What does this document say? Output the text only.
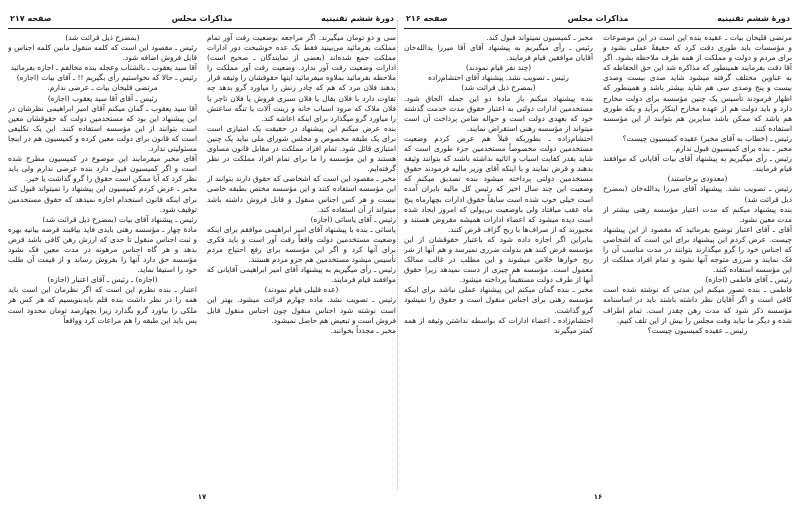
دورهٔ ششم تقنینیه
مذاکرات مجلس
صفحه ۲۱۷

سی و دو تومان میگیرند. اگر مراجعه بوضعیت رفت آور تمام مملکت بفرمائید می‌بینید فقط یک عده خوشبخت دور ادارات مملکت جمع شده‌اند (بعضی از نمایندگان ـ صحیح است) ادارات وضعیت رقت آور ندارد. وضعیت رقت آور مملکت را ملاحظه بفرمائید بملاوه میفرمائید اینها حقوقشان را وثیقه قرار بدهند فلان مرد که هم که چادر زنش را میاورد گرو بدهد چه تفاوت دارد با فلان بقال یا فلان سبزی فروش یا فلان تاجر یا فلان ملاک که مرود اسباب خانه و زینت آلات یا تنگه ساعتش را میاورد گرو میگذارد برای اینکه اعاشه کند.

بنده عرض میکنم این پیشنهاد در حقیقت یک امتیازی است برای یک طبقه مخصوص و مجلس شورای ملی نباید یک چنین امتیازی قائل شود. تمام افراد مملکت در مقابل قانون مساوی هستند و این مؤسسه را ما برای تمام افراد مملکت در نظر گرفته‌ایم.

مخبر ـ مقصود این است که اشخاصی که حقوق دارند بتوانند از این مؤسسه استفاده کنند و این مؤسسه مختص بطبقه خاصی نیست و هر کس اجناس منقول و قابل فروش داشته باشد میتواند از آن استفاده کند.

رئیس ـ آقای یاسائی (اجازه)

یاسائی ـ بنده با پیشنهاد آقای امیر ابراهیمی موافقم برای اینکه وضعیت مستخدمین دولت واقعاً رقت آور است و باید فکری برای آنها کرد و اگر این مؤسسه برای رفع احتیاج مردم تأسیس میشود مستخدمین هم جزو مردم هستند.

رئیس ـ رأی میگیریم به پیشنهاد آقای امیر ابراهیمی آقایانی که موافقند قیام فرمایند.

(عده قلیلی قیام نمودند)

رئیس ـ تصویب نشد. ماده چهارم قرائت میشود. بهتر این است نوشته شود اجناس منقول چون اجناس منقول قابل فروش است و تبعیض هم حاصل نمیشود.

مخبر ـ مجدداً بخوانند.

(بمضرح ذیل قرائت شد)

رئیس ـ مقصود این است که کلمه منقول مابین کلمه اجناس و قابل فروش اضافه شود.

آقا سید یعقوب ـ بالشتاب وعجله بنده مخالفم ـ اجازه بفرمائید

رئیس ـ حالا که نخواستیم رأی بگیریم !! ـ آقای بیات (اجازه)

مرتضی قلیخان بیات ـ عرضی ندارم.

رئیس ـ آقای آقا سید یعقوب (اجازه)

آقا سید یعقوب ـ گمان میکنم آقای امیر ابراهیمی نظرشان در این پیشنهاد این بود که مستخدمین دولت که حقوقشان معین است بتوانند از این مؤسسه استفاده کنند. این یک تکلیفی است که قانون برای دولت معین کرده و کمیسیون هم در اینجا مسئولیتی ندارد.

آقای مخبر میفرمایند این موضوع در کمیسیون مطرح شده است و اگر کمیسیون قبول دارد بنده عرضی ندارم ولی باید نظر کرد که آیا ممکن است حقوق را گرو گذاشت یا خیر.

مخبر ـ عرض کردم کمیسیون این پیشنهاد را نمیتواند قبول کند برای اینکه قانون استخدام اجازه نمیدهد که حقوق مستخدمین توقیف شود.

رئیس ـ پیشنهاد آقای بیات (بمضرح ذیل قرائت شد)

مادهٔ چهار ـ مؤسسه رهنی بایدی فاید بیاقبند قرضه بیانیه بهره و ثبت اجناس منقول تا حدی که ارزش رهن کافی باشد قرض بدهد و هر گاه اجناس مرهونه در مدت معین فک نشود مؤسسه حق دارد آنها را بفروش رساند و از قیمت آن طلب خود را استیفا نماید.

(اجازه) ـ رئیس ـ آقای اعتبار (اجازه)

اعتبار ـ بنده نظرم این است که اگر نظرمان این است باید همه را در نظر داشت بنده قلم بایدبنویسیم که هر کس هر ملکی را بیاورد گرو بگذارد زیرا بچهارصد تومان محدود است پس باید این طبقه را هم مراعات کرد وواقعاً

۱۷
دورهٔ ششم تقنینیه
مذاکرات مجلس
صفحه ۲۱۶

مرتضی قلیخان بیات ـ عقیده بنده این است در این موضوعات و مؤسسات باید طوری دقت کرد که حقیقةً عملی بشود و برای مردم و دولت و مملکت از همه طرف ملاحظه بشود. اگر آقا دقت بفرمایند همینطور که مذاکره شد این حق الحفاظه که به عناوین مختلف گرفته میشود شاید صدی بیست وصدی بیست و پنج وصدی سی هم شاید بیشتر باشد و همینطور که اظهار فرمودند تأسیس یک چنین مؤسسه برای دولت مخارج دارد و باید دولت هم از عهده مخارج اینکار برآید و یکه طوری هم باشد که ممکن باشد سایرین هم بتوانند از این مؤسسه استفاده کنند.

رئیس ـ (خطاب به آقای مخبر) عقیده کمیسیون چیست؟

مخبر ـ بنده برای کمیسیون قبول ندارم.

رئیس ـ رأی میگیریم به پیشنهاد آقای بیات آقایانی که موافقند قیام فرمایند.

(معدودی برخاستند)

رئیس ـ تصویب نشد. پیشنهاد آقای میرزا یدالله‌خان (بمضرح ذیل قرائت شد)

بنده پیشنهاد میکنم که مدت اعتبار مؤسسه رهنی بیشتر از مدت معین نشود.

آقای ـ آقای اعتبار توضیح بفرمائید که مقصود از این پیشنهاد چیست. عرض کردم این پیشنهاد برای این است که اشخاصی که اجناس خود را گرو میگذارند بتوانند در مدت مناسب آن را فک نمایند و ضرری متوجه آنها نشود و تمام افراد مملکت از این مؤسسه استفاده کنند.

رئیس ـ آقای فاطمی (اجازه)

فاطمی ـ بنده تصور میکنم این مدتی که نوشته شده است کافی است و اگر آقایان نظر داشته باشند باید در اساسنامه مؤسسه ذکر شود که مدت رهن چقدر است. تمام اطراف شده و دیگر ما نباید وقت مجلس را بیش از این تلف کنیم.

رئیس ـ عقیده کمیسیون چیست؟

مخبر ـ کمیسیون نمیتواند قبول کند.

رئیس ـ رأی میگیریم به پیشنهاد آقای آقا میرزا یدالله‌خان آقایان موافقین قیام فرمایند.

(چند نفر قیام نمودند)

رئیس ـ تصویب نشد. پیشنهاد آقای احتشام‌زاده

(بمضرح ذیل قرائت شد)

بنده پیشنهاد میکنم باز مادهٔ دو این جمله الحاق شود. مستخدمین ادارات دولتی به اعتبار حقوق مدت خدمت گذشته خود که بعهدی دولت است و حواله ضامن پرداخت آن است میتواند از مؤسسه رهنی استقراض نمایند.

احتشام‌زاده ـ بطوریکه قبلاً هم عرض کردم وضعیت مستخدمین دولت مخصوصاً مستخدمین جزء طوری است که شاید بقدر کفایت اسباب و اثاثیه نداشته باشند که بتوانند وثیقه بدهند و قرض نمایند و با اینکه آقای وزیر مالیه فرمودند حقوق مستخدمین دولتی پرداخته میشود بنده تصدیق میکنم که وضعیت این چند سال اخیر که رئیس کل مالیه بایران آمده است خیلی خوب شده است سابقاً حقوق ادارات بچهارماه پنج ماه عقب میافتاد ولی باوضعیت بی‌پولی که امروز ایجاد شده است دیده میشود که اعضاء ادارات همیشه مقروض هستند و مجبورند که از صراف‌ها با ربح گزاف قرض کنند.

بنابراین اگر اجازه داده شود که باعتبار حقوقشان از این مؤسسه قرض کنند هم بدولت ضرری نمیرسد و هم آنها از شر ربح خوارها خلاص میشوند و این مطلب در غالب ممالک معمول است. مؤسسه هم چیزی از دست نمیدهد زیرا حقوق آنها از طرف دولت مستقیماً پرداخته میشود.

مخبر ـ بنده گمان میکنم این پیشنهاد عملی نباشد برای اینکه مؤسسه رهنی برای اجناس منقول است و حقوق را نمیشود گرو گذاشت.

احتشام‌زاده ـ اعضاء ادارات که بواسطه نداشتن وثیقه از همه کمتر میگیرند

۱۶
